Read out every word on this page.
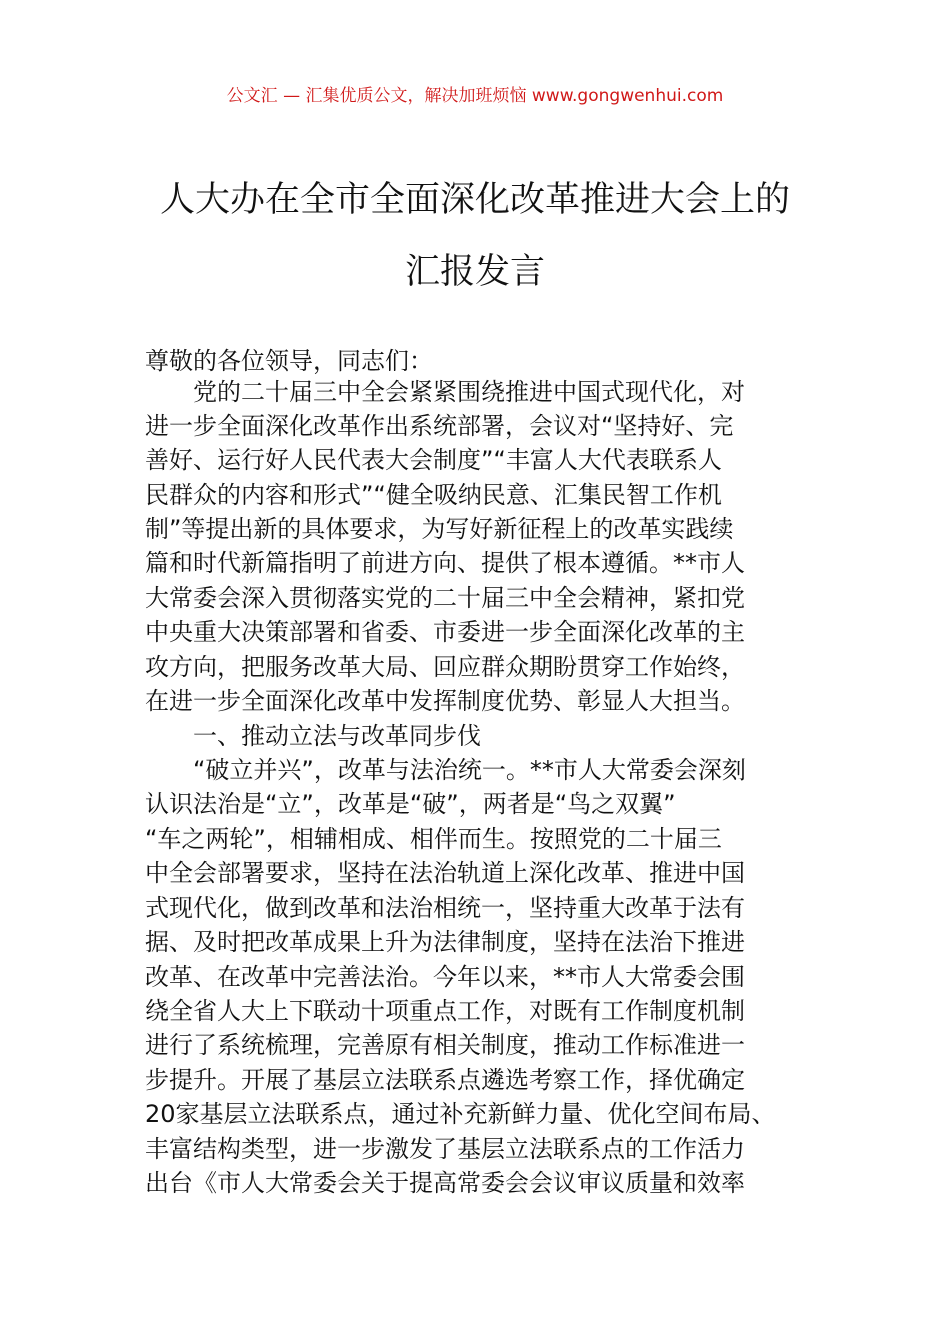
公文汇 — 汇集优质公文，解决加班烦恼 www.gongwenhui.com
人大办在全市全面深化改革推进大会上的
汇报发言
尊敬的各位领导，同志们：
党的二十届三中全会紧紧围绕推进中国式现代化，对
进一步全面深化改革作出系统部署，会议对“坚持好、完
善好、运行好人民代表大会制度”“丰富人大代表联系人
民群众的内容和形式”“健全吸纳民意、汇集民智工作机
制”等提出新的具体要求，为写好新征程上的改革实践续
篇和时代新篇指明了前进方向、提供了根本遵循。**市人
大常委会深入贯彻落实党的二十届三中全会精神，紧扣党
中央重大决策部署和省委、市委进一步全面深化改革的主
攻方向，把服务改革大局、回应群众期盼贯穿工作始终，
在进一步全面深化改革中发挥制度优势、彰显人大担当。
一、推动立法与改革同步伐
“破立并兴”，改革与法治统一。**市人大常委会深刻
认识法治是“立”，改革是“破”，两者是“鸟之双翼”
“车之两轮”，相辅相成、相伴而生。按照党的二十届三
中全会部署要求，坚持在法治轨道上深化改革、推进中国
式现代化，做到改革和法治相统一，坚持重大改革于法有
据、及时把改革成果上升为法律制度，坚持在法治下推进
改革、在改革中完善法治。今年以来，**市人大常委会围
绕全省人大上下联动十项重点工作，对既有工作制度机制
进行了系统梳理，完善原有相关制度，推动工作标准进一
步提升。开展了基层立法联系点遴选考察工作，择优确定
20家基层立法联系点，通过补充新鲜力量、优化空间布局、
丰富结构类型，进一步激发了基层立法联系点的工作活力
出台《市人大常委会关于提高常委会会议审议质量和效率
